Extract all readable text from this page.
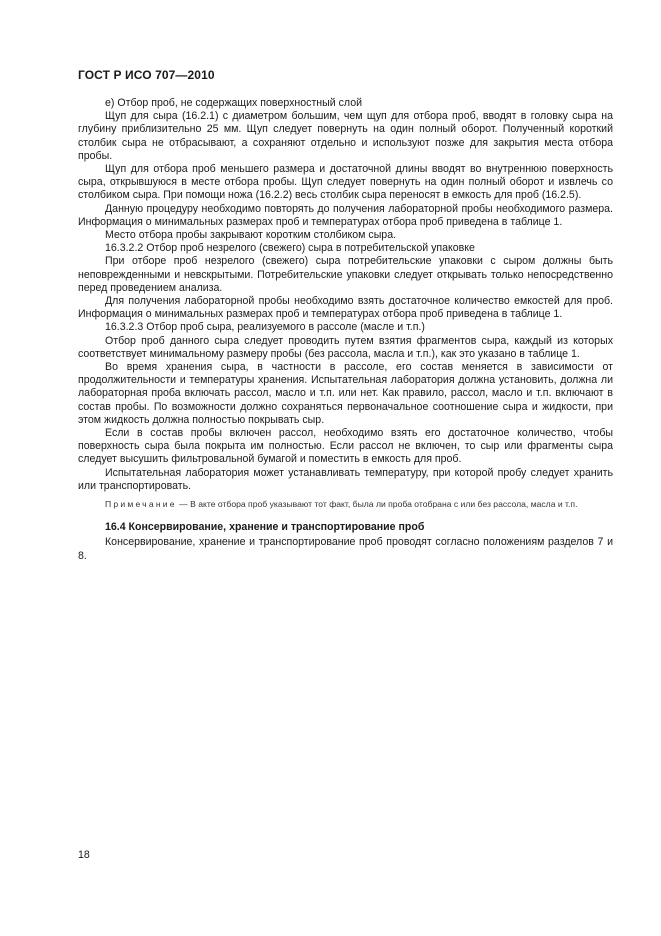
ГОСТ Р ИСО 707—2010

е) Отбор проб, не содержащих поверхностный слой

Щуп для сыра (16.2.1) с диаметром большим, чем щуп для отбора проб, вводят в головку сыра на глубину приблизительно 25 мм. Щуп следует повернуть на один полный оборот. Полученный короткий столбик сыра не отбрасывают, а сохраняют отдельно и используют позже для закрытия места отбора пробы.

Щуп для отбора проб меньшего размера и достаточной длины вводят во внутреннюю поверхность сыра, открывшуюся в месте отбора пробы. Щуп следует повернуть на один полный оборот и извлечь со столбиком сыра. При помощи ножа (16.2.2) весь столбик сыра переносят в емкость для проб (16.2.5).

Данную процедуру необходимо повторять до получения лабораторной пробы необходимого размера. Информация о минимальных размерах проб и температурах отбора проб приведена в таблице 1.

Место отбора пробы закрывают коротким столбиком сыра.

16.3.2.2 Отбор проб незрелого (свежего) сыра в потребительской упаковке

При отборе проб незрелого (свежего) сыра потребительские упаковки с сыром должны быть неповрежденными и невскрытыми. Потребительские упаковки следует открывать только непосредственно перед проведением анализа.

Для получения лабораторной пробы необходимо взять достаточное количество емкостей для проб. Информация о минимальных размерах проб и температурах отбора проб приведена в таблице 1.

16.3.2.3 Отбор проб сыра, реализуемого в рассоле (масле и т.п.)

Отбор проб данного сыра следует проводить путем взятия фрагментов сыра, каждый из которых соответствует минимальному размеру пробы (без рассола, масла и т.п.), как это указано в таблице 1.

Во время хранения сыра, в частности в рассоле, его состав меняется в зависимости от продолжительности и температуры хранения. Испытательная лаборатория должна установить, должна ли лабораторная проба включать рассол, масло и т.п. или нет. Как правило, рассол, масло и т.п. включают в состав пробы. По возможности должно сохраняться первоначальное соотношение сыра и жидкости, при этом жидкость должна полностью покрывать сыр.

Если в состав пробы включен рассол, необходимо взять его достаточное количество, чтобы поверхность сыра была покрыта им полностью. Если рассол не включен, то сыр или фрагменты сыра следует высушить фильтровальной бумагой и поместить в емкость для проб.

Испытательная лаборатория может устанавливать температуру, при которой пробу следует хранить или транспортировать.

Примечание — В акте отбора проб указывают тот факт, была ли проба отобрана с или без рассола, масла и т.п.

16.4 Консервирование, хранение и транспортирование проб

Консервирование, хранение и транспортирование проб проводят согласно положениям разделов 7 и 8.

18
